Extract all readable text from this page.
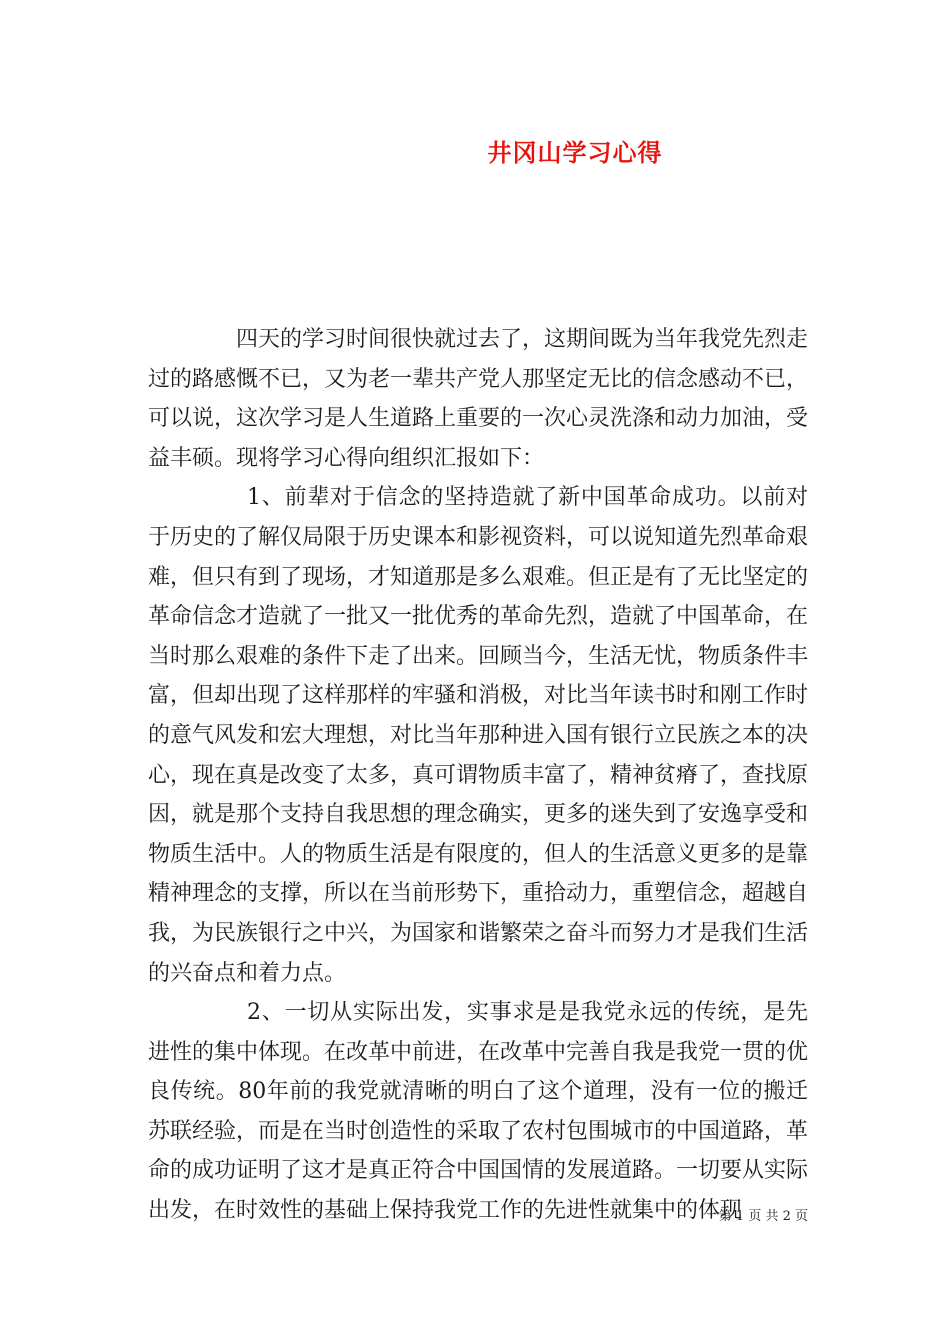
井冈山学习心得

四天的学习时间很快就过去了，这期间既为当年我党先烈走过的路感慨不已，又为老一辈共产党人那坚定无比的信念感动不已，可以说，这次学习是人生道路上重要的一次心灵洗涤和动力加油，受益丰硕。现将学习心得向组织汇报如下：

1、前辈对于信念的坚持造就了新中国革命成功。以前对于历史的了解仅局限于历史课本和影视资料，可以说知道先烈革命艰难，但只有到了现场，才知道那是多么艰难。但正是有了无比坚定的革命信念才造就了一批又一批优秀的革命先烈，造就了中国革命，在当时那么艰难的条件下走了出来。回顾当今，生活无忧，物质条件丰富，但却出现了这样那样的牢骚和消极，对比当年读书时和刚工作时的意气风发和宏大理想，对比当年那种进入国有银行立民族之本的决心，现在真是改变了太多，真可谓物质丰富了，精神贫瘠了，查找原因，就是那个支持自我思想的理念确实，更多的迷失到了安逸享受和物质生活中。人的物质生活是有限度的，但人的生活意义更多的是靠精神理念的支撑，所以在当前形势下，重拾动力，重塑信念，超越自我，为民族银行之中兴，为国家和谐繁荣之奋斗而努力才是我们生活的兴奋点和着力点。

2、一切从实际出发，实事求是是我党永远的传统，是先进性的集中体现。在改革中前进，在改革中完善自我是我党一贯的优良传统。80年前的我党就清晰的明白了这个道理，没有一位的搬迁苏联经验，而是在当时创造性的采取了农村包围城市的中国道路，革命的成功证明了这才是真正符合中国国情的发展道路。一切要从实际出发，在时效性的基础上保持我党工作的先进性就集中的体现

第 1 页 共 2 页
